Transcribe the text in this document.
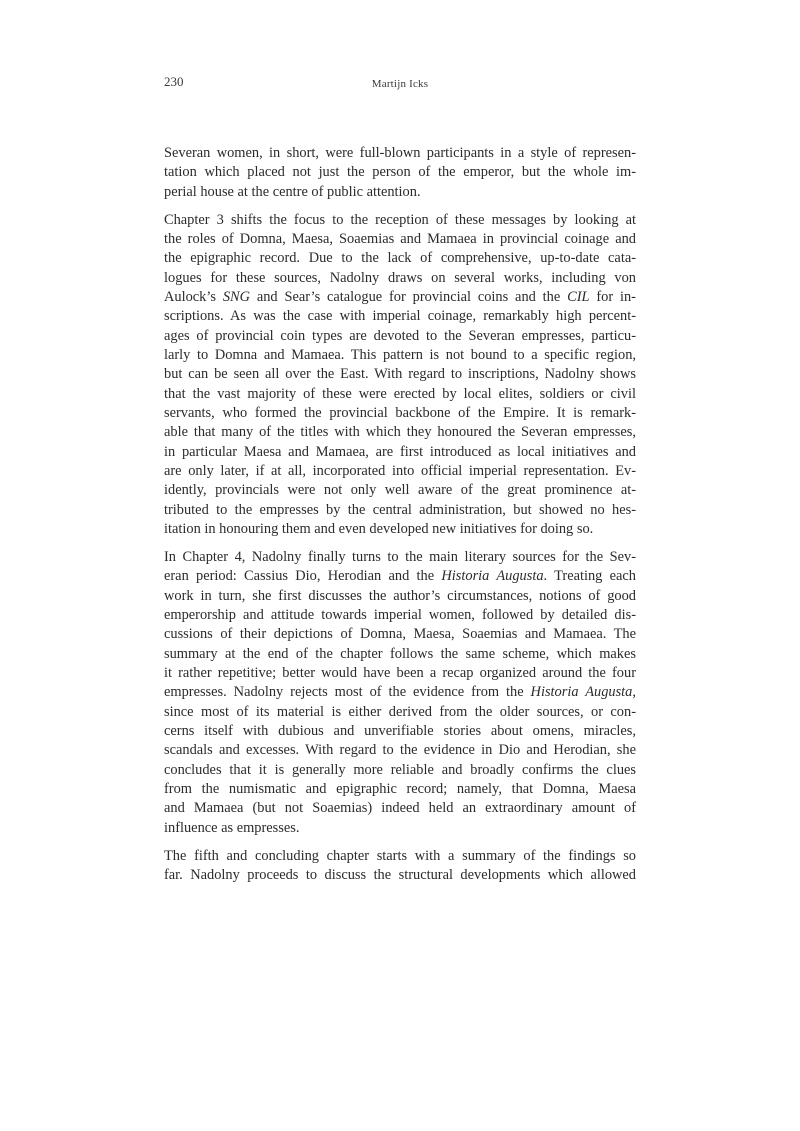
230	Martijn Icks

Severan women, in short, were full-blown participants in a style of represen-
tation which placed not just the person of the emperor, but the whole im-
perial house at the centre of public attention.

Chapter 3 shifts the focus to the reception of these messages by looking at
the roles of Domna, Maesa, Soaemias and Mamaea in provincial coinage and
the epigraphic record. Due to the lack of comprehensive, up-to-date cata-
logues for these sources, Nadolny draws on several works, including von
Aulock’s SNG and Sear’s catalogue for provincial coins and the CIL for in-
scriptions. As was the case with imperial coinage, remarkably high percent-
ages of provincial coin types are devoted to the Severan empresses, particu-
larly to Domna and Mamaea. This pattern is not bound to a specific region,
but can be seen all over the East. With regard to inscriptions, Nadolny shows
that the vast majority of these were erected by local elites, soldiers or civil
servants, who formed the provincial backbone of the Empire. It is remark-
able that many of the titles with which they honoured the Severan empresses,
in particular Maesa and Mamaea, are first introduced as local initiatives and
are only later, if at all, incorporated into official imperial representation. Ev-
idently, provincials were not only well aware of the great prominence at-
tributed to the empresses by the central administration, but showed no hes-
itation in honouring them and even developed new initiatives for doing so.

In Chapter 4, Nadolny finally turns to the main literary sources for the Sev-
eran period: Cassius Dio, Herodian and the Historia Augusta. Treating each
work in turn, she first discusses the author’s circumstances, notions of good
emperorship and attitude towards imperial women, followed by detailed dis-
cussions of their depictions of Domna, Maesa, Soaemias and Mamaea. The
summary at the end of the chapter follows the same scheme, which makes
it rather repetitive; better would have been a recap organized around the four
empresses. Nadolny rejects most of the evidence from the Historia Augusta,
since most of its material is either derived from the older sources, or con-
cerns itself with dubious and unverifiable stories about omens, miracles,
scandals and excesses. With regard to the evidence in Dio and Herodian, she
concludes that it is generally more reliable and broadly confirms the clues
from the numismatic and epigraphic record; namely, that Domna, Maesa
and Mamaea (but not Soaemias) indeed held an extraordinary amount of
influence as empresses.

The fifth and concluding chapter starts with a summary of the findings so
far. Nadolny proceeds to discuss the structural developments which allowed
